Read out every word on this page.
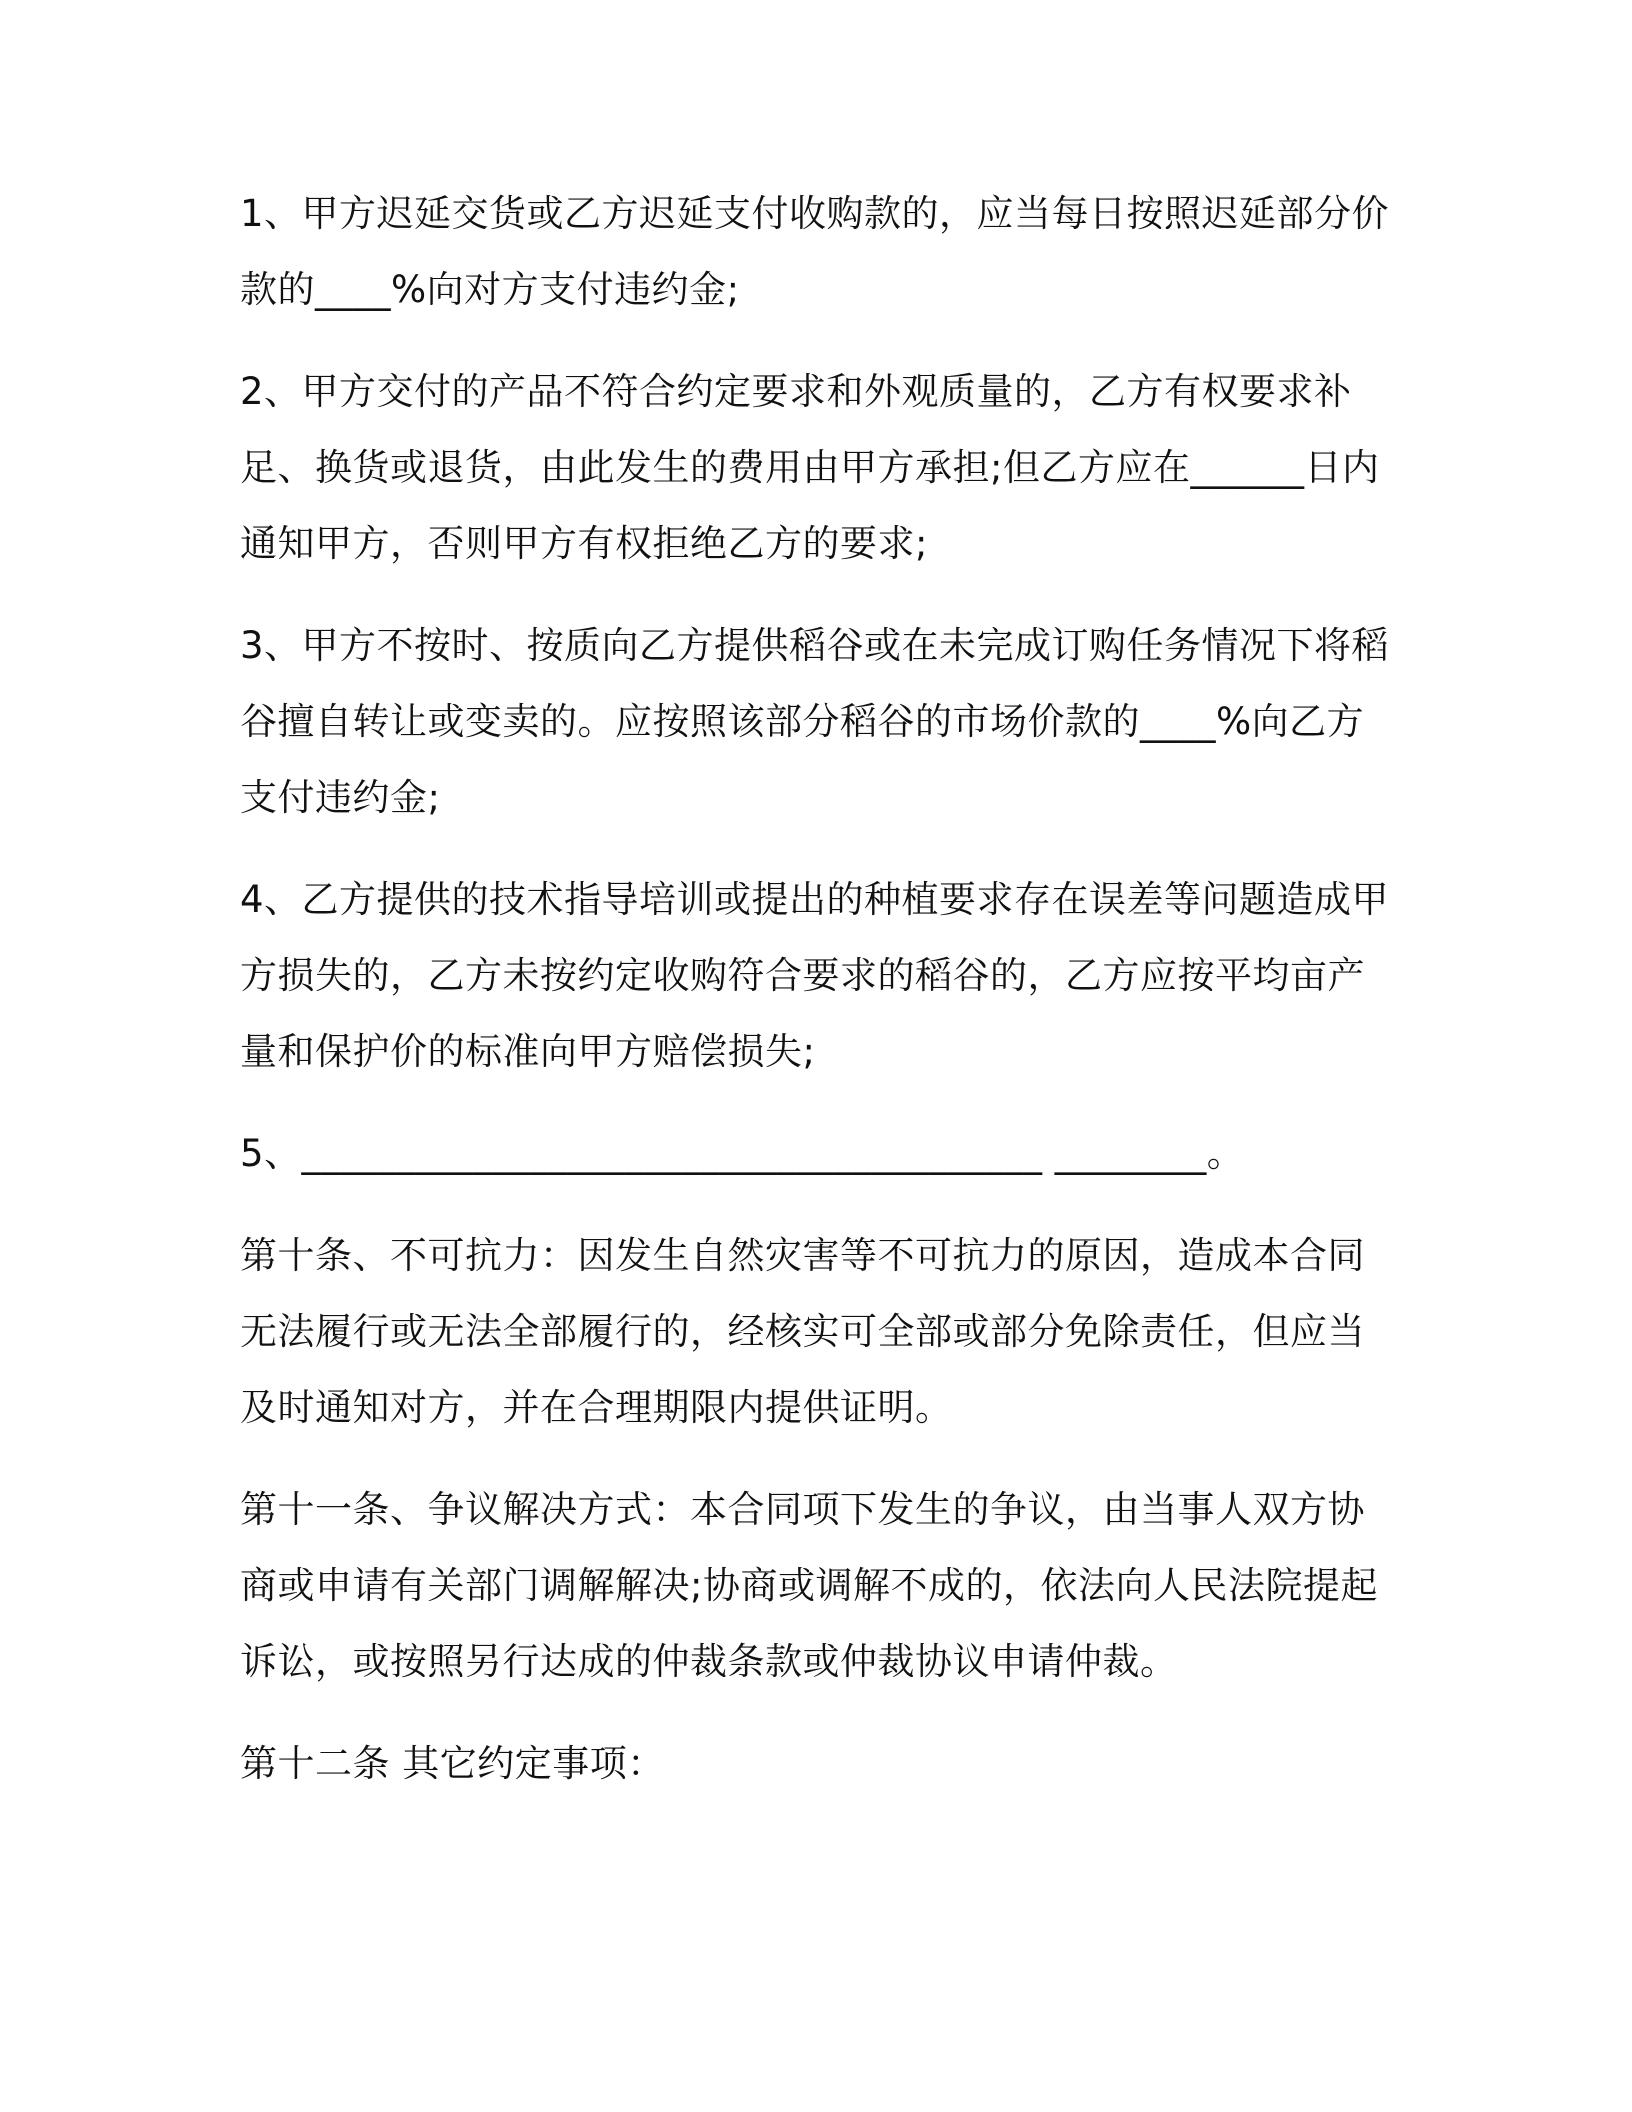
1、甲方迟延交货或乙方迟延支付收购款的，应当每日按照迟延部分价款的____%向对方支付违约金;

2、甲方交付的产品不符合约定要求和外观质量的，乙方有权要求补足、换货或退货，由此发生的费用由甲方承担;但乙方应在______日内通知甲方，否则甲方有权拒绝乙方的要求;

3、甲方不按时、按质向乙方提供稻谷或在未完成订购任务情况下将稻谷擅自转让或变卖的。应按照该部分稻谷的市场价款的____%向乙方支付违约金;

4、乙方提供的技术指导培训或提出的种植要求存在误差等问题造成甲方损失的，乙方未按约定收购符合要求的稻谷的，乙方应按平均亩产量和保护价的标准向甲方赔偿损失;

5、_______________________________________ ________。

第十条、不可抗力：因发生自然灾害等不可抗力的原因，造成本合同无法履行或无法全部履行的，经核实可全部或部分免除责任，但应当及时通知对方，并在合理期限内提供证明。

第十一条、争议解决方式：本合同项下发生的争议，由当事人双方协商或申请有关部门调解解决;协商或调解不成的，依法向人民法院提起诉讼，或按照另行达成的仲裁条款或仲裁协议申请仲裁。

第十二条 其它约定事项：
